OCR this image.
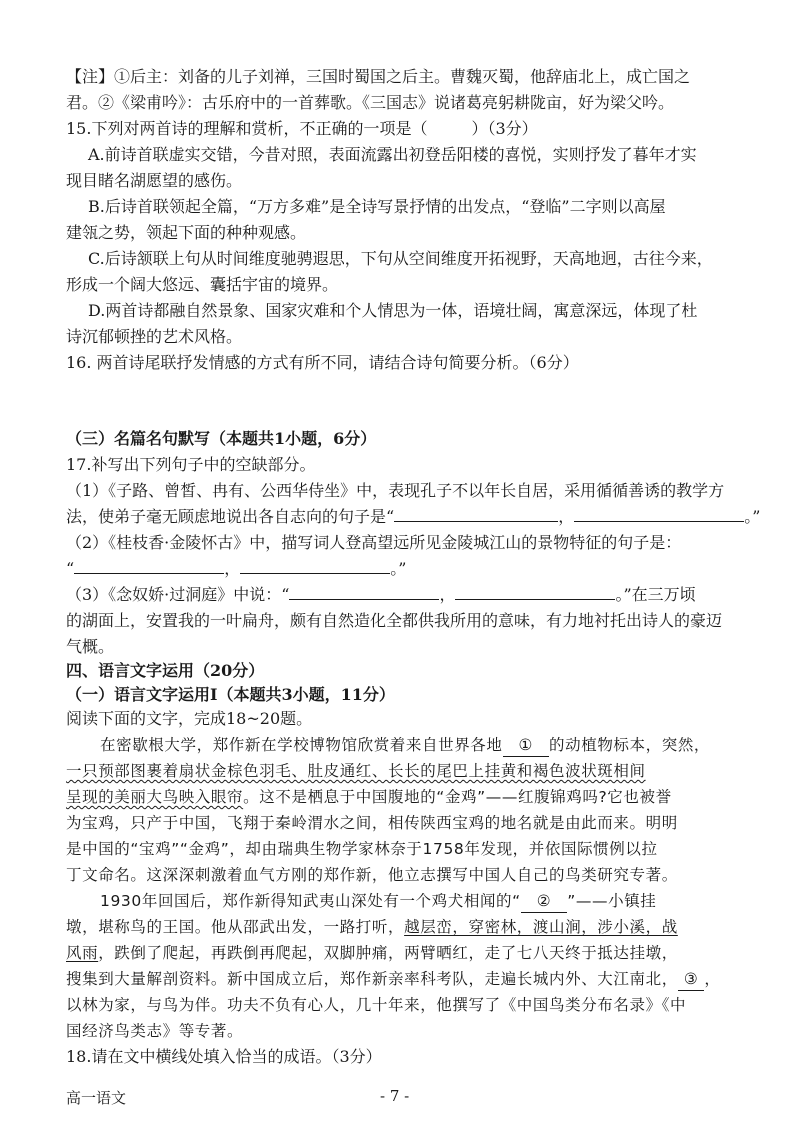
【注】①后主：刘备的儿子刘禅，三国时蜀国之后主。曹魏灭蜀，他辞庙北上，成亡国之
君。②《梁甫吟》：古乐府中的一首葬歌。《三国志》说诸葛亮躬耕陇亩，好为梁父吟。
15.下列对两首诗的理解和赏析，不正确的一项是（	）（3分）
A.前诗首联虚实交错，今昔对照，表面流露出初登岳阳楼的喜悦，实则抒发了暮年才实
现目睹名湖愿望的感伤。
B.后诗首联领起全篇，“万方多难”是全诗写景抒情的出发点，“登临”二字则以高屋
建瓴之势，领起下面的种种观感。
C.后诗颔联上句从时间维度驰骋遐思，下句从空间维度开拓视野，天高地迥，古往今来，
形成一个阔大悠远、囊括宇宙的境界。
D.两首诗都融自然景象、国家灾难和个人情思为一体，语境壮阔，寓意深远，体现了杜
诗沉郁顿挫的艺术风格。
16. 两首诗尾联抒发情感的方式有所不同，请结合诗句简要分析。（6分）
（三）名篇名句默写（本题共1小题，6分）
17.补写出下列句子中的空缺部分。
（1）《子路、曾皙、冉有、公西华侍坐》中，表现孔子不以年长自居，采用循循善诱的教学方
法，使弟子毫无顾虑地说出各自志向的句子是“	，	。”
（2）《桂枝香·金陵怀古》中，描写词人登高望远所见金陵城江山的景物特征的句子是：
“	，	。”
（3）《念奴娇·过洞庭》中说：“	，	。”在三万顷
的湖面上，安置我的一叶扁舟，颇有自然造化全都供我所用的意味，有力地衬托出诗人的豪迈
气概。
四、语言文字运用（20分）
（一）语言文字运用Ⅰ（本题共3小题，11分）
阅读下面的文字，完成18~20题。
在密歇根大学，郑作新在学校博物馆欣赏着来自世界各地 ① 的动植物标本，突然，
一只预部图裹着扇状金棕色羽毛、肚皮通红、长长的尾巴上挂黄和褐色波状斑相间
呈现的美丽大鸟映入眼帘。这不是栖息于中国腹地的“金鸡”——红腹锦鸡吗?它也被誉
为宝鸡，只产于中国，飞翔于秦岭渭水之间，相传陕西宝鸡的地名就是由此而来。明明
是中国的“宝鸡”“金鸡”，却由瑞典生物学家林奈于1758年发现，并依国际惯例以拉
丁文命名。这深深刺激着血气方刚的郑作新，他立志撰写中国人自己的鸟类研究专著。
1930年回国后，郑作新得知武夷山深处有一个鸡犬相闻的“ ② ”——小镇挂
墩，堪称鸟的王国。他从邵武出发，一路打听，越层峦，穿密林，渡山涧，涉小溪，战
风雨，跌倒了爬起，再跌倒再爬起，双脚肿痛，两臂晒红，走了七八天终于抵达挂墩，
搜集到大量解剖资料。新中国成立后，郑作新亲率科考队，走遍长城内外、大江南北， ③ ，
以林为家，与鸟为伴。功夫不负有心人，几十年来，他撰写了《中国鸟类分布名录》《中
国经济鸟类志》等专著。
18.请在文中横线处填入恰当的成语。（3分）
高一语文	- 7 -
